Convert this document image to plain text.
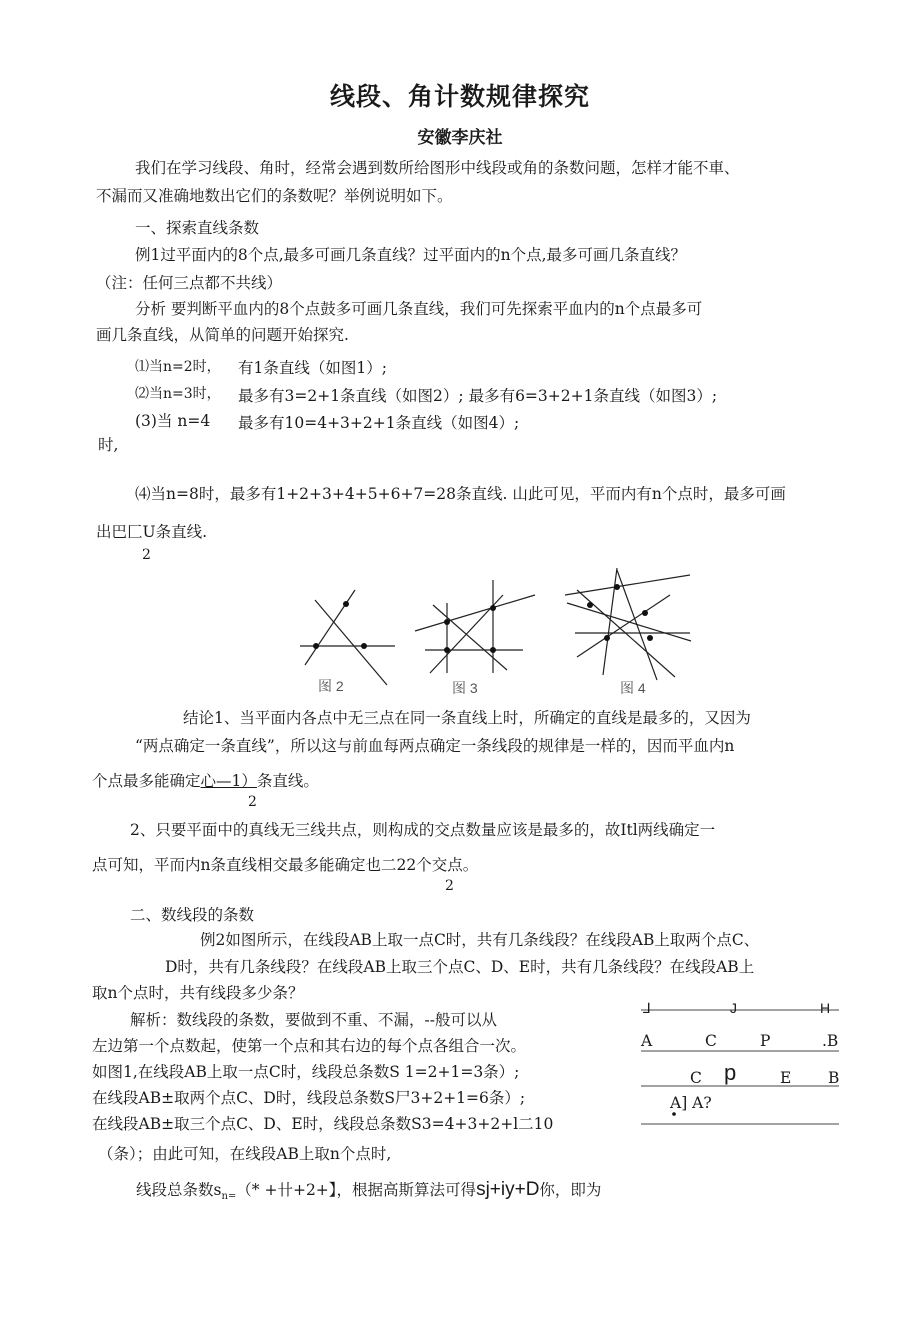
线段、角计数规律探究
安徽李庆社
我们在学习线段、角时，经常会遇到数所给图形中线段或角的条数问题，怎样才能不車、
不漏而又准确地数出它们的条数呢？举例说明如下。
一、探索直线条数
例1过平面内的8个点,最多可画几条直线？过平面内的n个点,最多可画几条直线？
（注：任何三点都不共线）
分析 要判断平血内的8个点鼓多可画几条直线，我们可先探索平血内的n个点最多可
画几条直线，从简单的问题开始探究.
⑴当n=2时， 有1条直线（如图1）;
⑵当n=3时， 最多有3=2+1条直线（如图2）; 最多有6=3+2+1条直线（如图3）;
(3)当 n=4 最多有10=4+3+2+1条直线（如图4）;
时,
⑷当n=8时，最多有1+2+3+4+5+6+7=28条直线. 山此可见，平而内有n个点时，最多可画
出巴匚U条直线.
2
图 2	图 3	图 4
结论1、当平面内各点中无三点在同一条直线上时，所确定的直线是最多的，又因为
“两点确定一条直线”，所以这与前血每两点确定一条线段的规律是一样的，因而平血内n
个点最多能确定心—1）条直线。
2
2、只要平面中的真线无三线共点，则构成的交点数量应该是最多的，故Itl两线确定一
点可知，平而内n条直线相交最多能确定也二22个交点。
2
二、数线段的条数
例2如图所示，在线段AB上取一点C时，共有几条线段？在线段AB上取两个点C、
D时，共有几条线段？在线段AB上取三个点C、D、E时，共有几条线段？在线段AB上
取n个点时，共有线段多少条？
解析：数线段的条数，要做到不重、不漏，--般可以从
左边第一个点数起，使第一个点和其右边的每个点各组合一次。
如图1,在线段AB上取一点C时，线段总条数S 1=2+1=3条）;
在线段AB±取两个点C、D时，线段总条数S尸3+2+1=6条）;
在线段AB±取三个点C、D、E时，线段总条数S3=4+3+2+l二10
（条）；由此可知，在线段AB上取n个点时,
线段总条数$s_{n=}(*$ +卄+2+】，根据高斯算法可得sj+iy+D你，即为
⅃	J	H
A	C	P	.B
C p	E B
A] A?
